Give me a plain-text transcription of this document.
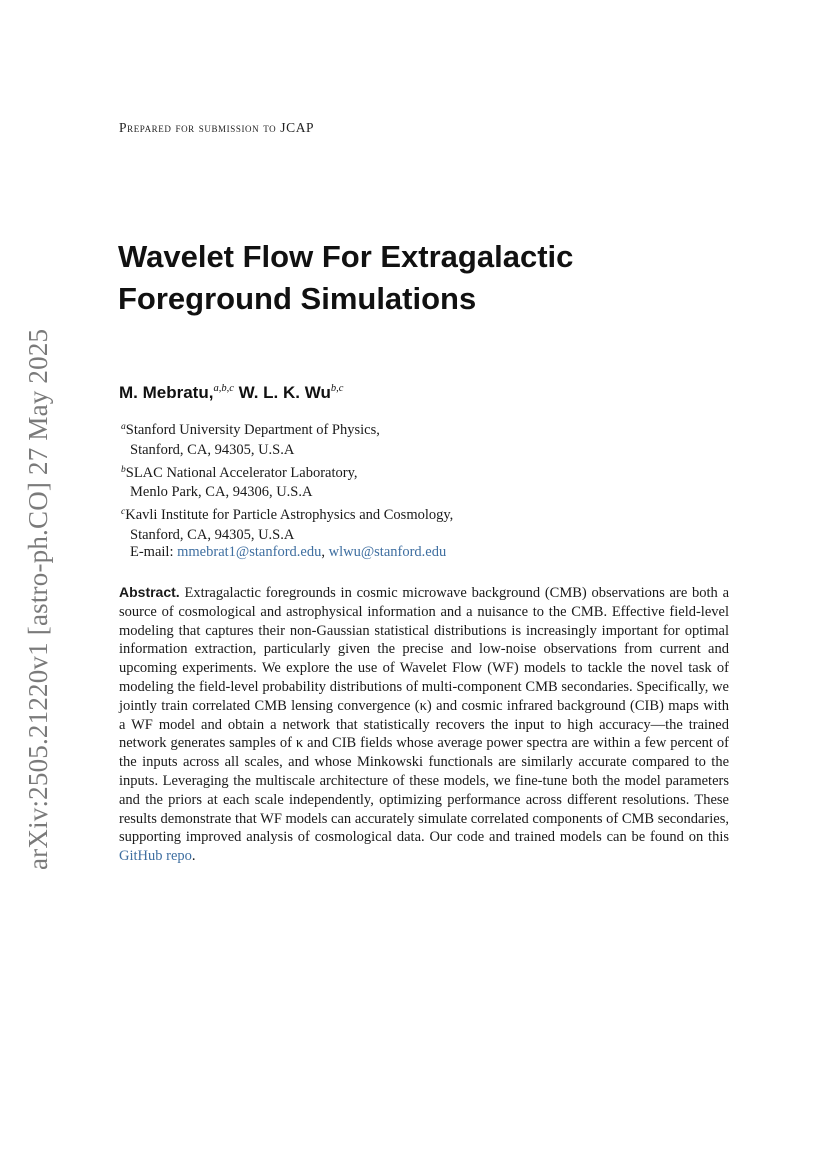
arXiv:2505.21220v1 [astro-ph.CO] 27 May 2025
Prepared for submission to JCAP
Wavelet Flow For Extragalactic
Foreground Simulations
M. Mebratu,$^{a,b,c}$ W. L. K. Wu$^{b,c}$
$^a$Stanford University Department of Physics,
Stanford, CA, 94305, U.S.A
$^b$SLAC National Accelerator Laboratory,
Menlo Park, CA, 94306, U.S.A
$^c$Kavli Institute for Particle Astrophysics and Cosmology,
Stanford, CA, 94305, U.S.A
E-mail: mmebrat1@stanford.edu, wlwu@stanford.edu
Abstract. Extragalactic foregrounds in cosmic microwave background (CMB) observations are both a source of cosmological and astrophysical information and a nuisance to the CMB. Effective field-level modeling that captures their non-Gaussian statistical distributions is increasingly important for optimal information extraction, particularly given the precise and low-noise observations from current and upcoming experiments. We explore the use of Wavelet Flow (WF) models to tackle the novel task of modeling the field-level probability distributions of multi-component CMB secondaries. Specifically, we jointly train correlated CMB lensing convergence (κ) and cosmic infrared background (CIB) maps with a WF model and obtain a network that statistically recovers the input to high accuracy—the trained network generates samples of κ and CIB fields whose average power spectra are within a few percent of the inputs across all scales, and whose Minkowski functionals are similarly accurate compared to the inputs. Leveraging the multiscale architecture of these models, we fine-tune both the model parameters and the priors at each scale independently, optimizing performance across different resolutions. These results demonstrate that WF models can accurately simulate correlated components of CMB secondaries, supporting improved analysis of cosmological data. Our code and trained models can be found on this GitHub repo.
